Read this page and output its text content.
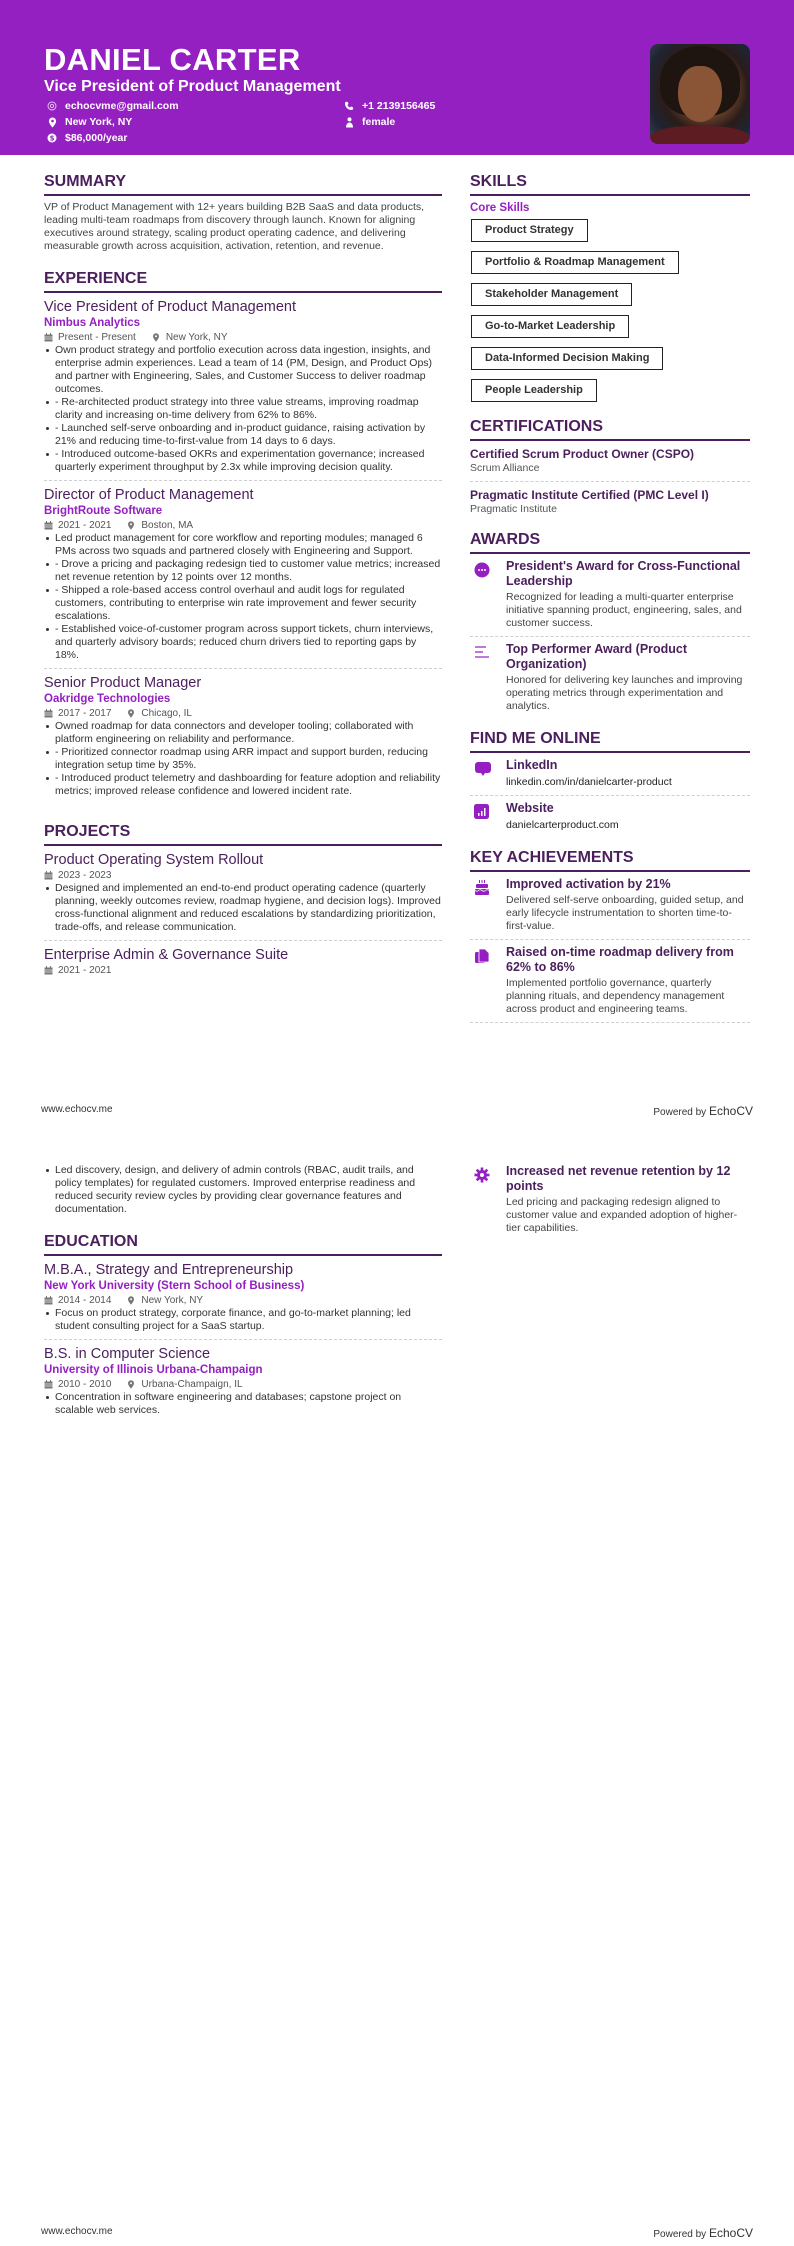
DANIEL CARTER
Vice President of Product Management
echocvme@gmail.com
New York, NY
$ $86,000/year
+1 2139156465
female
SUMMARY
VP of Product Management with 12+ years building B2B SaaS and data products, leading multi-team roadmaps from discovery through launch. Known for aligning executives around strategy, scaling product operating cadence, and delivering measurable growth across acquisition, activation, retention, and revenue.
EXPERIENCE
Vice President of Product Management
Nimbus Analytics
Present - Present	New York, NY
Own product strategy and portfolio execution across data ingestion, insights, and enterprise admin experiences. Lead a team of 14 (PM, Design, and Product Ops) and partner with Engineering, Sales, and Customer Success to deliver roadmap outcomes.
- Re-architected product strategy into three value streams, improving roadmap clarity and increasing on-time delivery from 62% to 86%.
- Launched self-serve onboarding and in-product guidance, raising activation by 21% and reducing time-to-first-value from 14 days to 6 days.
- Introduced outcome-based OKRs and experimentation governance; increased quarterly experiment throughput by 2.3x while improving decision quality.
Director of Product Management
BrightRoute Software
2021 - 2021	Boston, MA
Led product management for core workflow and reporting modules; managed 6 PMs across two squads and partnered closely with Engineering and Support.
- Drove a pricing and packaging redesign tied to customer value metrics; increased net revenue retention by 12 points over 12 months.
- Shipped a role-based access control overhaul and audit logs for regulated customers, contributing to enterprise win rate improvement and fewer security escalations.
- Established voice-of-customer program across support tickets, churn interviews, and quarterly advisory boards; reduced churn drivers tied to reporting gaps by 18%.
Senior Product Manager
Oakridge Technologies
2017 - 2017	Chicago, IL
Owned roadmap for data connectors and developer tooling; collaborated with platform engineering on reliability and performance.
- Prioritized connector roadmap using ARR impact and support burden, reducing integration setup time by 35%.
- Introduced product telemetry and dashboarding for feature adoption and reliability metrics; improved release confidence and lowered incident rate.
PROJECTS
Product Operating System Rollout
2023 - 2023
Designed and implemented an end-to-end product operating cadence (quarterly planning, weekly outcomes review, roadmap hygiene, and decision logs). Improved cross-functional alignment and reduced escalations by standardizing prioritization, trade-offs, and release communication.
Enterprise Admin & Governance Suite
2021 - 2021
SKILLS
Core Skills
Product Strategy
Portfolio & Roadmap Management
Stakeholder Management
Go-to-Market Leadership
Data-Informed Decision Making
People Leadership
CERTIFICATIONS
Certified Scrum Product Owner (CSPO)
Scrum Alliance
Pragmatic Institute Certified (PMC Level I)
Pragmatic Institute
AWARDS
President's Award for Cross-Functional Leadership
Recognized for leading a multi-quarter enterprise initiative spanning product, engineering, sales, and customer success.
Top Performer Award (Product Organization)
Honored for delivering key launches and improving operating metrics through experimentation and analytics.
FIND ME ONLINE
LinkedIn
linkedin.com/in/danielcarter-product
Website
danielcarterproduct.com
KEY ACHIEVEMENTS
Improved activation by 21%
Delivered self-serve onboarding, guided setup, and early lifecycle instrumentation to shorten time-to-first-value.
Raised on-time roadmap delivery from 62% to 86%
Implemented portfolio governance, quarterly planning rituals, and dependency management across product and engineering teams.
www.echocv.me	Powered by EchoCV
Led discovery, design, and delivery of admin controls (RBAC, audit trails, and policy templates) for regulated customers. Improved enterprise readiness and reduced security review cycles by providing clear governance features and documentation.
EDUCATION
M.B.A., Strategy and Entrepreneurship
New York University (Stern School of Business)
2014 - 2014	New York, NY
Focus on product strategy, corporate finance, and go-to-market planning; led student consulting project for a SaaS startup.
B.S. in Computer Science
University of Illinois Urbana-Champaign
2010 - 2010	Urbana-Champaign, IL
Concentration in software engineering and databases; capstone project on scalable web services.
Increased net revenue retention by 12 points
Led pricing and packaging redesign aligned to customer value and expanded adoption of higher-tier capabilities.
www.echocv.me	Powered by EchoCV
